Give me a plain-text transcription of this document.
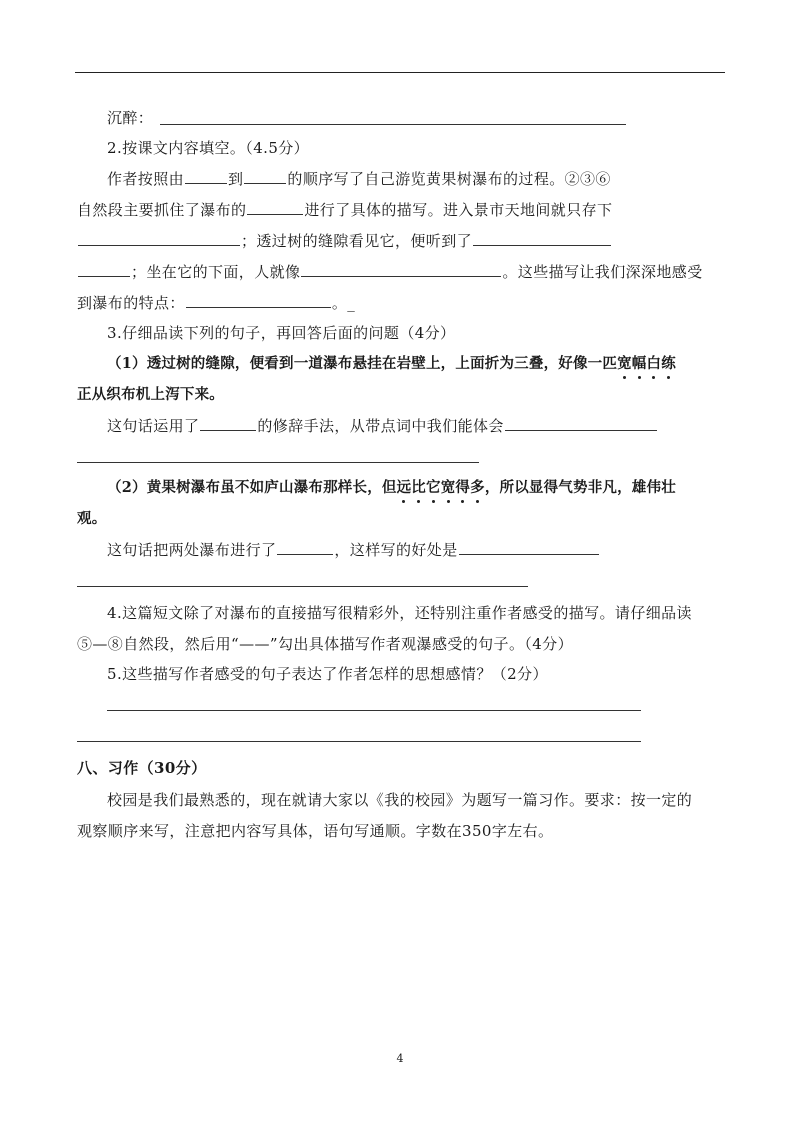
沉醉：
2.按课文内容填空。（4.5分）
作者按照由	到	的顺序写了自己游览黄果树瀑布的过程。②③⑥
自然段主要抓住了瀑布的	进行了具体的描写。进入景市天地间就只存下
；透过树的缝隙看见它，便听到了
；坐在它的下面，人就像	。这些描写让我们深深地感受
到瀑布的特点：	。_
3.仔细品读下列的句子，再回答后面的问题（4分）
（1）透过树的缝隙，便看到一道瀑布悬挂在岩壁上，上面折为三叠，好像一匹宽幅白练
正从织布机上泻下来。
这句话运用了	的修辞手法，从带点词中我们能体会
（2）黄果树瀑布虽不如庐山瀑布那样长，但远比它宽得多，所以显得气势非凡，雄伟壮
观。
这句话把两处瀑布进行了	，这样写的好处是
4.这篇短文除了对瀑布的直接描写很精彩外，还特别注重作者感受的描写。请仔细品读
⑤—⑧自然段，然后用“——”勾出具体描写作者观瀑感受的句子。（4分）
5.这些描写作者感受的句子表达了作者怎样的思想感情？（2分）
八、习作（30分）
校园是我们最熟悉的，现在就请大家以《我的校园》为题写一篇习作。要求：按一定的
观察顺序来写，注意把内容写具体，语句写通顺。字数在350字左右。
4
